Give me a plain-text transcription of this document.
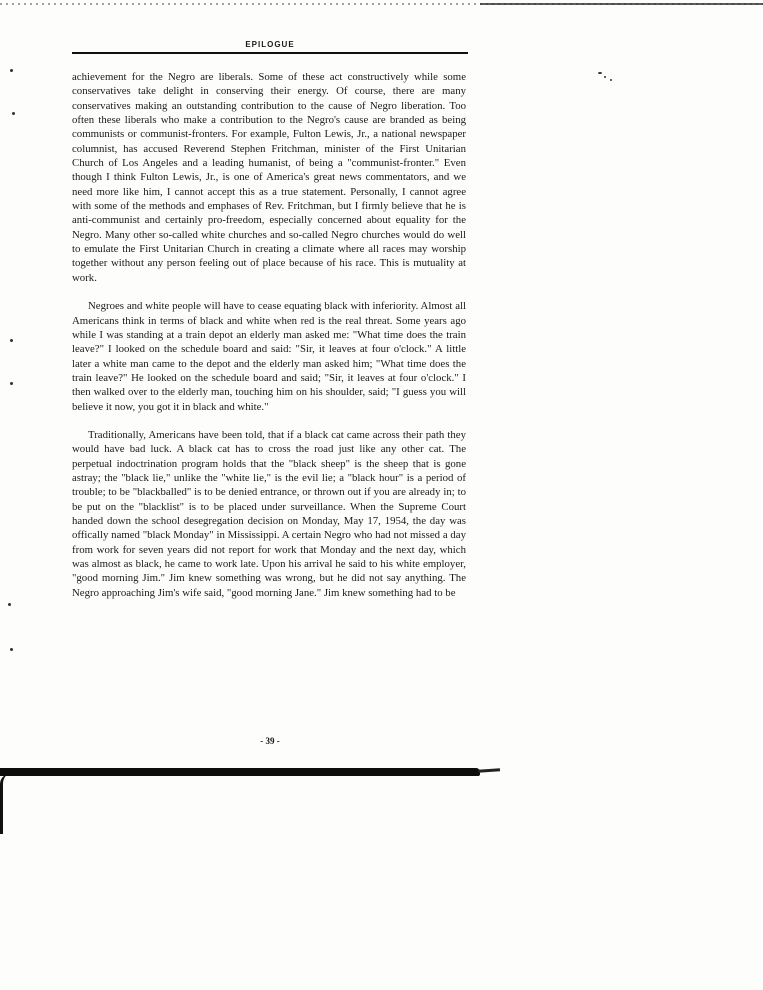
EPILOGUE

achievement for the Negro are liberals. Some of these act constructively while some conservatives take delight in conserving their energy. Of course, there are many conservatives making an outstanding contribution to the cause of Negro liberation. Too often these liberals who make a contribution to the Negro's cause are branded as being communists or communist-fronters. For example, Fulton Lewis, Jr., a national newspaper columnist, has accused Reverend Stephen Fritchman, minister of the First Unitarian Church of Los Angeles and a leading humanist, of being a "communist-fronter." Even though I think Fulton Lewis, Jr., is one of America's great news commentators, and we need more like him, I cannot accept this as a true statement. Personally, I cannot agree with some of the methods and emphases of Rev. Fritchman, but I firmly believe that he is anti-communist and certainly pro-freedom, especially concerned about equality for the Negro. Many other so-called white churches and so-called Negro churches would do well to emulate the First Unitarian Church in creating a climate where all races may worship together without any person feeling out of place because of his race. This is mutuality at work.

Negroes and white people will have to cease equating black with inferiority. Almost all Americans think in terms of black and white when red is the real threat. Some years ago while I was standing at a train depot an elderly man asked me: "What time does the train leave?" I looked on the schedule board and said: "Sir, it leaves at four o'clock." A little later a white man came to the depot and the elderly man asked him; "What time does the train leave?" He looked on the schedule board and said; "Sir, it leaves at four o'clock." I then walked over to the elderly man, touching him on his shoulder, said; "I guess you will believe it now, you got it in black and white."

Traditionally, Americans have been told, that if a black cat came across their path they would have bad luck. A black cat has to cross the road just like any other cat. The perpetual indoctrination program holds that the "black sheep" is the sheep that is gone astray; the "black lie," unlike the "white lie," is the evil lie; a "black hour" is a period of trouble; to be "blackballed" is to be denied entrance, or thrown out if you are already in; to be put on the "blacklist" is to be placed under surveillance. When the Supreme Court handed down the school desegregation decision on Monday, May 17, 1954, the day was offically named "black Monday" in Mississippi. A certain Negro who had not missed a day from work for seven years did not report for work that Monday and the next day, which was almost as black, he came to work late. Upon his arrival he said to his white employer, "good morning Jim." Jim knew something was wrong, but he did not say anything. The Negro approaching Jim's wife said, "good morning Jane." Jim knew something had to be

- 39 -
